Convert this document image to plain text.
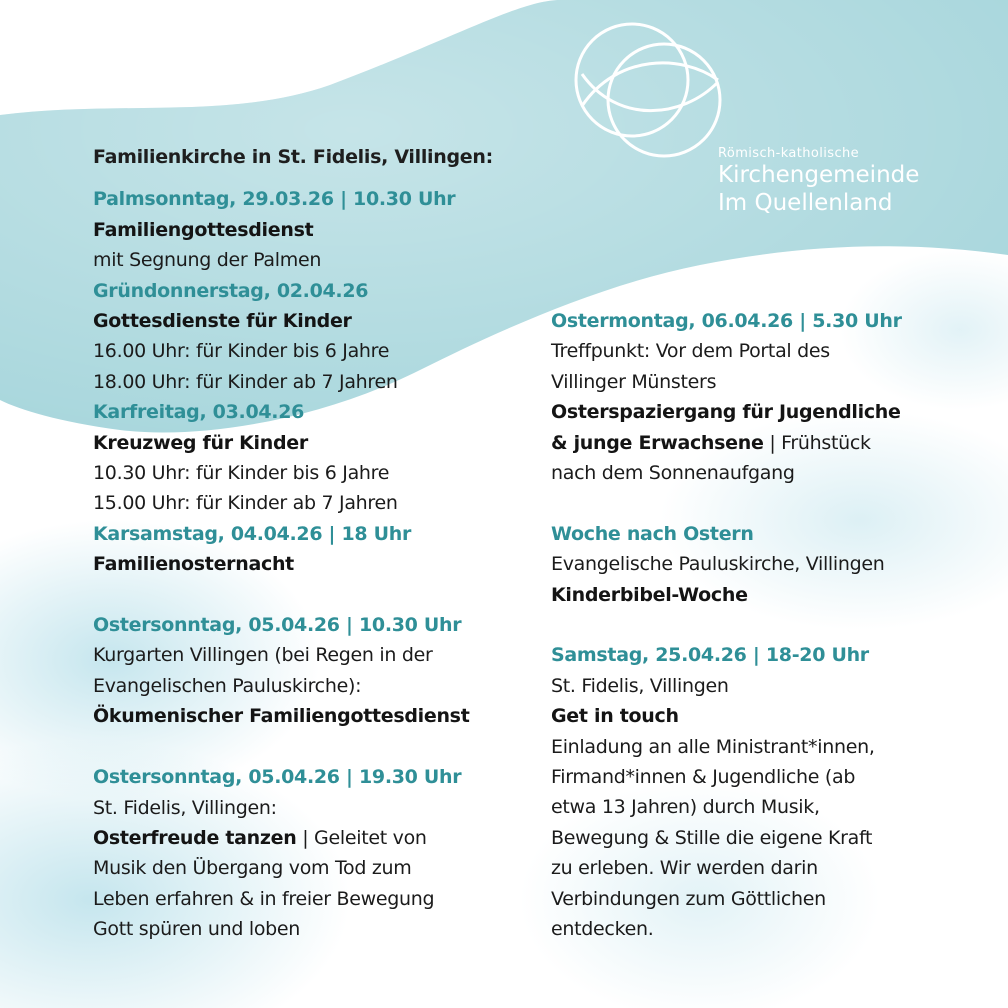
Römisch-katholische
Kirchengemeinde
Im Quellenland
Familienkirche in St. Fidelis, Villingen:
Palmsonntag, 29.03.26 | 10.30 Uhr
Familiengottesdienst
mit Segnung der Palmen
Gründonnerstag, 02.04.26
Gottesdienste für Kinder
16.00 Uhr: für Kinder bis 6 Jahre
18.00 Uhr: für Kinder ab 7 Jahren
Karfreitag, 03.04.26
Kreuzweg für Kinder
10.30 Uhr: für Kinder bis 6 Jahre
15.00 Uhr: für Kinder ab 7 Jahren
Karsamstag, 04.04.26 | 18 Uhr
Familienosternacht
Ostersonntag, 05.04.26 | 10.30 Uhr
Kurgarten Villingen (bei Regen in der
Evangelischen Pauluskirche):
Ökumenischer Familiengottesdienst
Ostersonntag, 05.04.26 | 19.30 Uhr
St. Fidelis, Villingen:
Osterfreude tanzen | Geleitet von
Musik den Übergang vom Tod zum
Leben erfahren & in freier Bewegung
Gott spüren und loben
Ostermontag, 06.04.26 | 5.30 Uhr
Treffpunkt: Vor dem Portal des
Villinger Münsters
Osterspaziergang für Jugendliche
& junge Erwachsene | Frühstück
nach dem Sonnenaufgang
Woche nach Ostern
Evangelische Pauluskirche, Villingen
Kinderbibel-Woche
Samstag, 25.04.26 | 18-20 Uhr
St. Fidelis, Villingen
Get in touch
Einladung an alle Ministrant*innen,
Firmand*innen & Jugendliche (ab
etwa 13 Jahren) durch Musik,
Bewegung & Stille die eigene Kraft
zu erleben. Wir werden darin
Verbindungen zum Göttlichen
entdecken.
